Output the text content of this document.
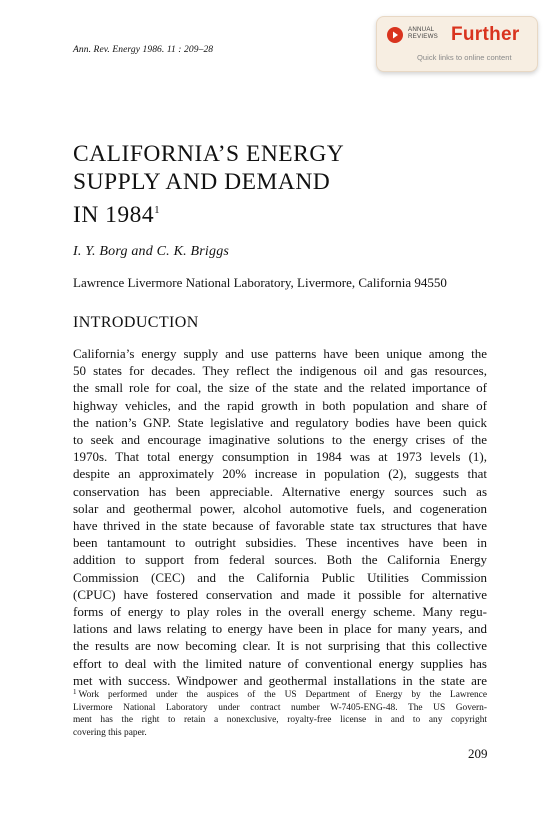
Ann. Rev. Energy 1986. 11 : 209–28
ANNUAL
REVIEWS Further
Quick links to online content
CALIFORNIA’S ENERGY
SUPPLY AND DEMAND
IN 1984$^1$
I. Y. Borg and C. K. Briggs
Lawrence Livermore National Laboratory, Livermore, California 94550
INTRODUCTION
California’s energy supply and use patterns have been unique among the
50 states for decades. They reflect the indigenous oil and gas resources,
the small role for coal, the size of the state and the related importance of
highway vehicles, and the rapid growth in both population and share of
the nation’s GNP. State legislative and regulatory bodies have been quick
to seek and encourage imaginative solutions to the energy crises of the
1970s. That total energy consumption in 1984 was at 1973 levels (1),
despite an approximately 20% increase in population (2), suggests that
conservation has been appreciable. Alternative energy sources such as
solar and geothermal power, alcohol automotive fuels, and cogeneration
have thrived in the state because of favorable state tax structures that have
been tantamount to outright subsidies. These incentives have been in
addition to support from federal sources. Both the California Energy
Commission (CEC) and the California Public Utilities Commission
(CPUC) have fostered conservation and made it possible for alternative
forms of energy to play roles in the overall energy scheme. Many regu-
lations and laws relating to energy have been in place for many years, and
the results are now becoming clear. It is not surprising that this collective
effort to deal with the limited nature of conventional energy supplies has
met with success. Windpower and geothermal installations in the state are
$^1$ Work performed under the auspices of the US Department of Energy by the Lawrence
Livermore National Laboratory under contract number W-7405-ENG-48. The US Govern-
ment has the right to retain a nonexclusive, royalty-free license in and to any copyright
covering this paper.
209
